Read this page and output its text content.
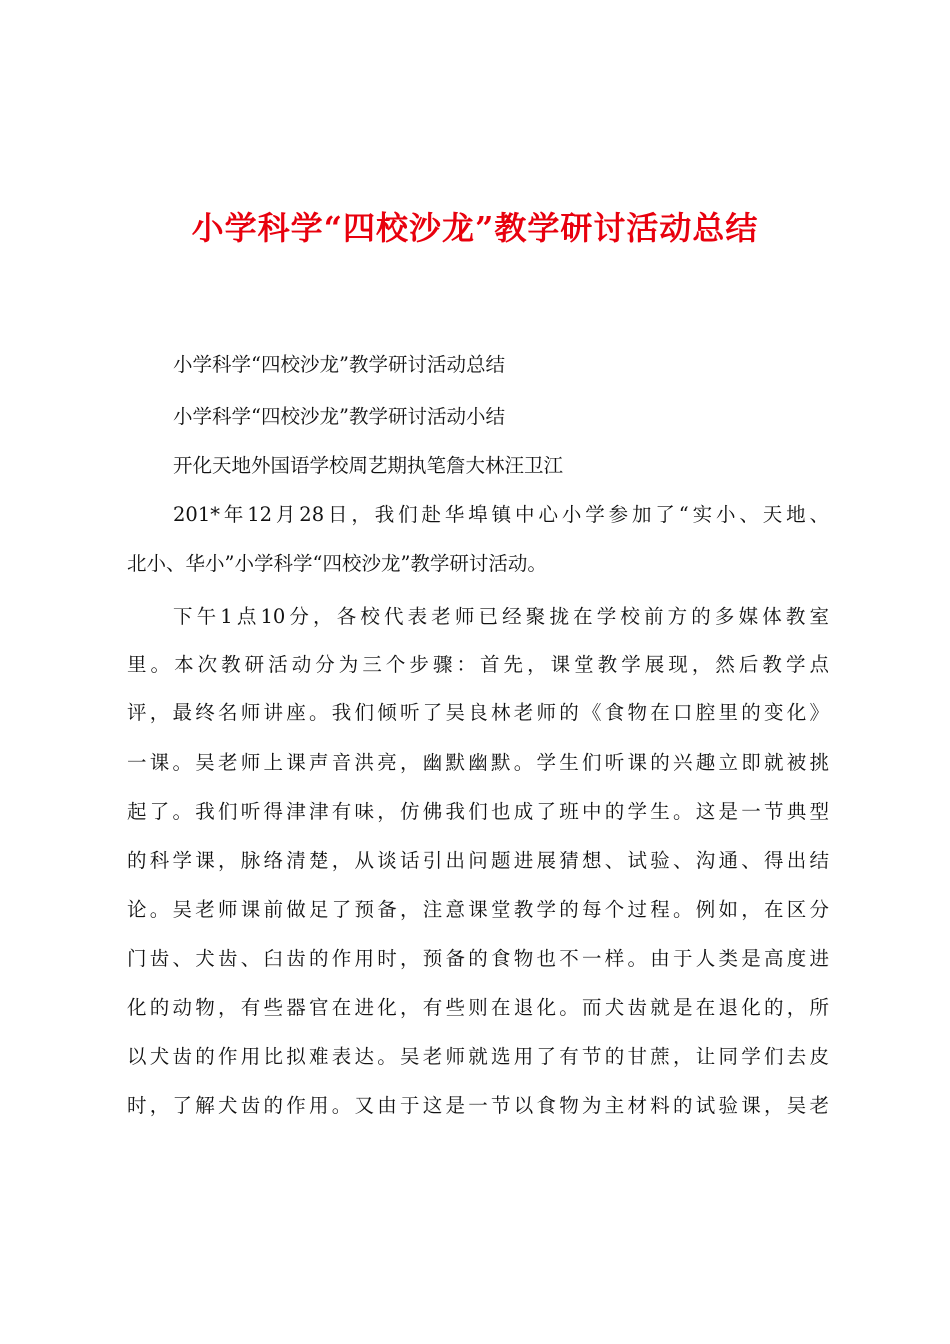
小学科学“四校沙龙”教学研讨活动总结
小学科学“四校沙龙”教学研讨活动总结
小学科学“四校沙龙”教学研讨活动小结
开化天地外国语学校周艺期执笔詹大林汪卫江
201*年12月28日，我们赴华埠镇中心小学参加了“实小、天地、
北小、华小”小学科学“四校沙龙”教学研讨活动。
下午1点10分，各校代表老师已经聚拢在学校前方的多媒体教室
里。本次教研活动分为三个步骤：首先，课堂教学展现，然后教学点
评，最终名师讲座。我们倾听了吴良林老师的《食物在口腔里的变化》
一课。吴老师上课声音洪亮，幽默幽默。学生们听课的兴趣立即就被挑
起了。我们听得津津有味，仿佛我们也成了班中的学生。这是一节典型
的科学课，脉络清楚，从谈话引出问题进展猜想、试验、沟通、得出结
论。吴老师课前做足了预备，注意课堂教学的每个过程。例如，在区分
门齿、犬齿、臼齿的作用时，预备的食物也不一样。由于人类是高度进
化的动物，有些器官在进化，有些则在退化。而犬齿就是在退化的，所
以犬齿的作用比拟难表达。吴老师就选用了有节的甘蔗，让同学们去皮
时，了解犬齿的作用。又由于这是一节以食物为主材料的试验课，吴老
